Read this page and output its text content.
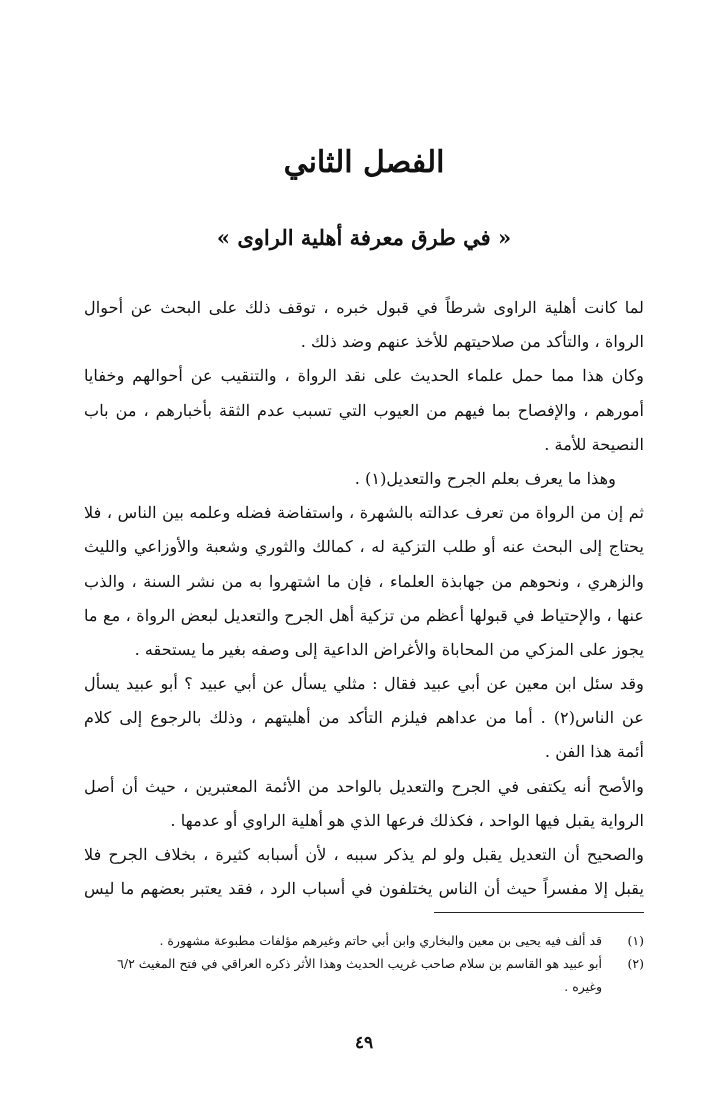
الفصل الثاني
« في طرق معرفة أهلية الراوى »
لما كانت أهلية الراوى شرطاً في قبول خبره ، توقف ذلك على البحث عن أحوال
الرواة ، والتأكد من صلاحيتهم للأخذ عنهم وضد ذلك .
وكان هذا مما حمل علماء الحديث على نقد الرواة ، والتنقيب عن أحوالهم وخفايا
أمورهم ، والإفصاح بما فيهم من العيوب التي تسبب عدم الثقة بأخبارهم ، من باب
النصيحة للأمة .
وهذا ما يعرف بعلم الجرح والتعديل(١) .
ثم إن من الرواة من تعرف عدالته بالشهرة ، واستفاضة فضله وعلمه بين الناس ، فلا
يحتاج إلى البحث عنه أو طلب التزكية له ، كمالك والثوري وشعبة والأوزاعي والليث
والزهري ، ونحوهم من جهابذة العلماء ، فإن ما اشتهروا به من نشر السنة ، والذب
عنها ، والإحتياط في قبولها أعظم من تزكية أهل الجرح والتعديل لبعض الرواة ، مع ما
يجوز على المزكي من المحاباة والأغراض الداعية إلى وصفه بغير ما يستحقه .
وقد سئل ابن معين عن أبي عبيد فقال : مثلي يسأل عن أبي عبيد ؟ أبو عبيد يسأل
عن الناس(٢) . أما من عداهم فيلزم التأكد من أهليتهم ، وذلك بالرجوع إلى كلام
أئمة هذا الفن .
والأصح أنه يكتفى في الجرح والتعديل بالواحد من الأئمة المعتبرين ، حيث أن أصل
الرواية يقبل فيها الواحد ، فكذلك فرعها الذي هو أهلية الراوي أو عدمها .
والصحيح أن التعديل يقبل ولو لم يذكر سببه ، لأن أسبابه كثيرة ، بخلاف الجرح فلا
يقبل إلا مفسراً حيث أن الناس يختلفون في أسباب الرد ، فقد يعتبر بعضهم ما ليس
(١)
قد ألف فيه يحيى بن معين والبخاري وابن أبي حاتم وغيرهم مؤلفات مطبوعة مشهورة .
(٢)
أبو عبيد هو القاسم بن سلام صاحب غريب الحديث وهذا الأثر ذكره العراقي في فتح المغيث ٦/٢
وغيره .
٤٩
